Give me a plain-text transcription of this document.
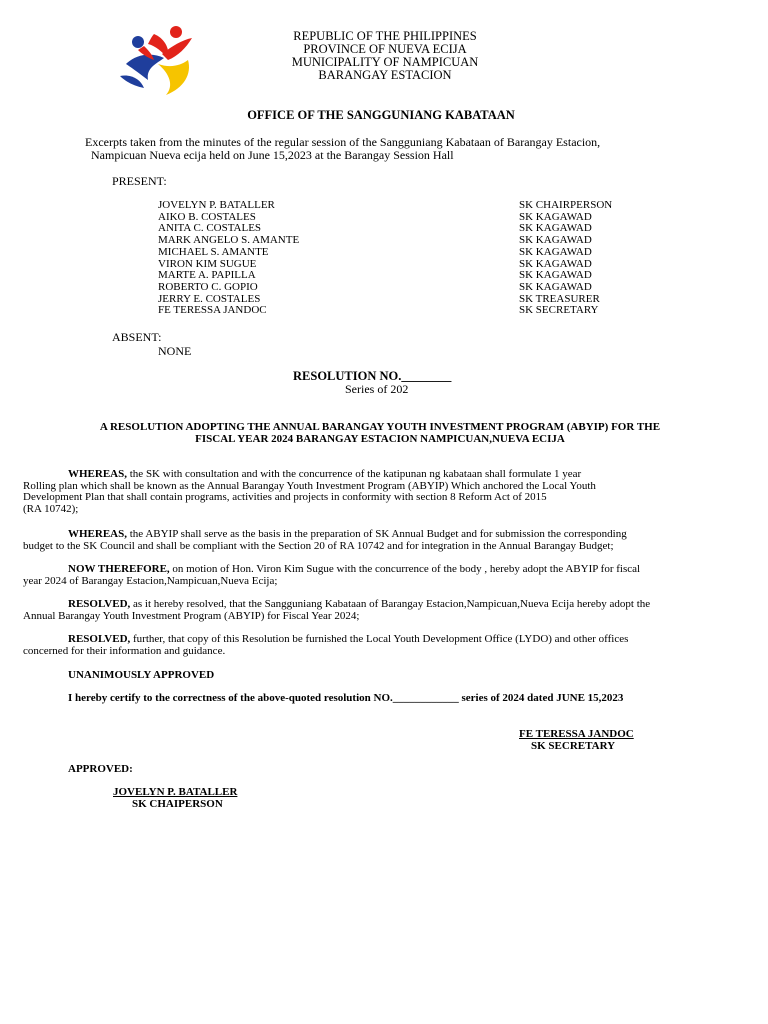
REPUBLIC OF THE PHILIPPINES
PROVINCE OF NUEVA ECIJA
MUNICIPALITY OF NAMPICUAN
BARANGAY ESTACION
OFFICE OF THE SANGGUNIANG KABATAAN
Excerpts taken from the minutes of the regular session of the Sangguniang Kabataan of Barangay Estacion,
Nampicuan Nueva ecija held on June 15,2023 at the Barangay Session Hall
PRESENT:
JOVELYN P. BATALLER
AIKO B. COSTALES
ANITA C. COSTALES
MARK ANGELO S. AMANTE
MICHAEL S. AMANTE
VIRON KIM SUGUE
MARTE A. PAPILLA
ROBERTO C. GOPIO
JERRY E. COSTALES
FE TERESSA JANDOC
SK CHAIRPERSON
SK KAGAWAD
SK KAGAWAD
SK KAGAWAD
SK KAGAWAD
SK KAGAWAD
SK KAGAWAD
SK KAGAWAD
SK TREASURER
SK SECRETARY
ABSENT:
NONE
RESOLUTION NO.________
Series of 202
A RESOLUTION ADOPTING THE ANNUAL BARANGAY YOUTH INVESTMENT PROGRAM (ABYIP) FOR THE
FISCAL YEAR 2024 BARANGAY ESTACION NAMPICUAN,NUEVA ECIJA
WHEREAS, the SK with consultation and with the concurrence of the katipunan ng kabataan shall formulate 1 year
Rolling plan which shall be known as the Annual Barangay Youth Investment Program (ABYIP) Which anchored the Local Youth
Development Plan that shall contain programs, activities and projects in conformity with section 8 Reform Act of 2015
(RA 10742);
WHEREAS, the ABYIP shall serve as the basis in the preparation of SK Annual Budget and for submission the corresponding
budget to the SK Council and shall be compliant with the Section 20 of RA 10742 and for integration in the Annual Barangay Budget;
NOW THEREFORE, on motion of Hon. Viron Kim Sugue with the concurrence of the body , hereby adopt the ABYIP for fiscal
year 2024 of Barangay Estacion,Nampicuan,Nueva Ecija;
RESOLVED, as it hereby resolved, that the Sangguniang Kabataan of Barangay Estacion,Nampicuan,Nueva Ecija hereby adopt the
Annual Barangay Youth Investment Program (ABYIP) for Fiscal Year 2024;
RESOLVED, further, that copy of this Resolution be furnished the Local Youth Development Office (LYDO) and other offices
concerned for their information and guidance.
UNANIMOUSLY APPROVED
I hereby certify to the correctness of the above-quoted resolution NO.____________ series of 2024 dated JUNE 15,2023
FE TERESSA JANDOC
SK SECRETARY
APPROVED:
JOVELYN P. BATALLER
SK CHAIPERSON
